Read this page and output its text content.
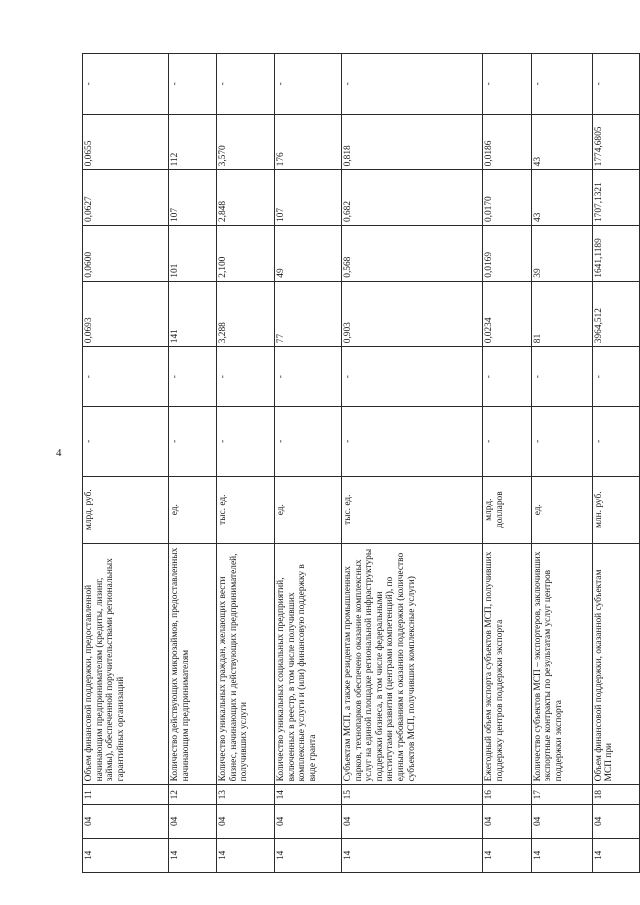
4
14	04	11	Объем финансовой поддержки, предоставленной начинающим предпринимателям (кредиты, лизинг, займы), обеспеченной поручительствами региональных гарантийных организаций	млрд. руб.	-	-	0,0693	0,0600	0,0627	0,0655	-
14	04	12	Количество действующих микрозаймов, предоставленных начинающим предпринимателям	ед.	-	-	141	101	107	112	-
14	04	13	Количество уникальных граждан, желающих вести бизнес, начинающих и действующих предпринимателей, получивших услуги	тыс. ед.	-	-	3,288	2,100	2,848	3,570	-
14	04	14	Количество уникальных социальных предприятий, включенных в реестр, в том числе получивших комплексные услуги и (или) финансовую поддержку в виде гранта	ед.	-	-	77	49	107	176	-
14	04	15	Субъектам МСП, а также резидентам промышленных парков, технопарков обеспечено оказание комплексных услуг на единой площадке региональной инфраструктуры поддержки бизнеса, в том числе федеральными институтами развития (центрами компетенций), по единым требованиям к оказанию поддержки (количество субъектов МСП, получивших комплексные услуги)	тыс. ед.	-	-	0,903	0,568	0,682	0,818	-
14	04	16	Ежегодный объем экспорта субъектов МСП, получивших поддержку центров поддержки экспорта	млрд. долларов	-	-	0,0234	0,0169	0,0170	0,0186	-
14	04	17	Количество субъектов МСП – экспортеров, заключивших экспортные контракты по результатам услуг центров поддержки экспорта	ед.	-	-	81	39	43	43	-
14	04	18	Объем финансовой поддержки, оказанной субъектам МСП при	млн. руб.	-	-	3964,512	1641,1189	1707,1321	1774,6805	-
